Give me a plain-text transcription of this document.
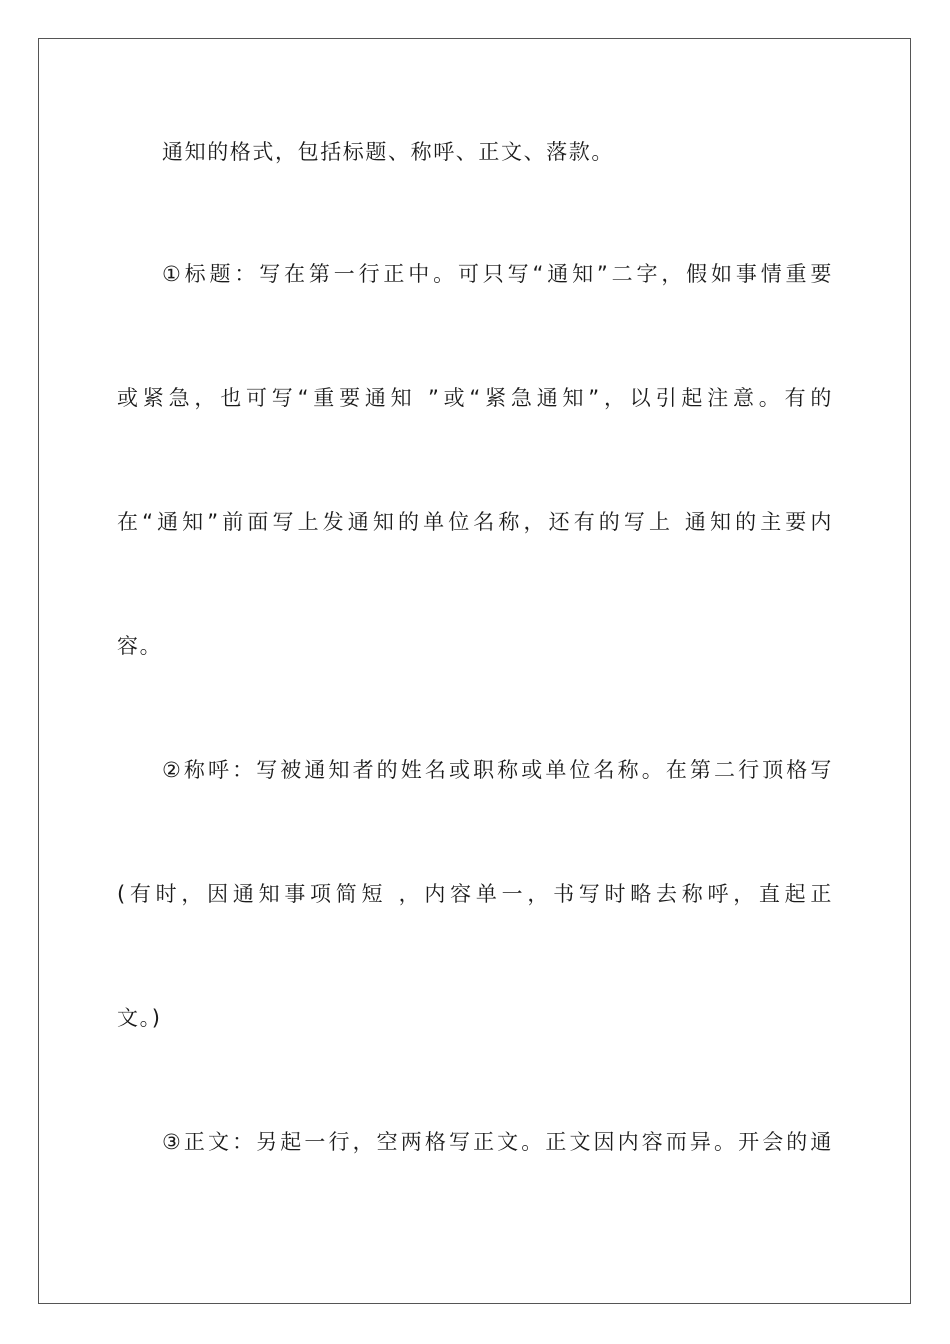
通知的格式，包括标题、称呼、正文、落款。
①标题：写在第一行正中。可只写“通知”二字，假如事情重要
或紧急，也可写“重要通知 ”或“紧急通知”，以引起注意。有的
在“通知”前面写上发通知的单位名称，还有的写上 通知的主要内
容。
②称呼：写被通知者的姓名或职称或单位名称。在第二行顶格写
(有时，因通知事项简短 ，内容单一，书写时略去称呼，直起正
文。)
③正文：另起一行，空两格写正文。正文因内容而异。开会的通
